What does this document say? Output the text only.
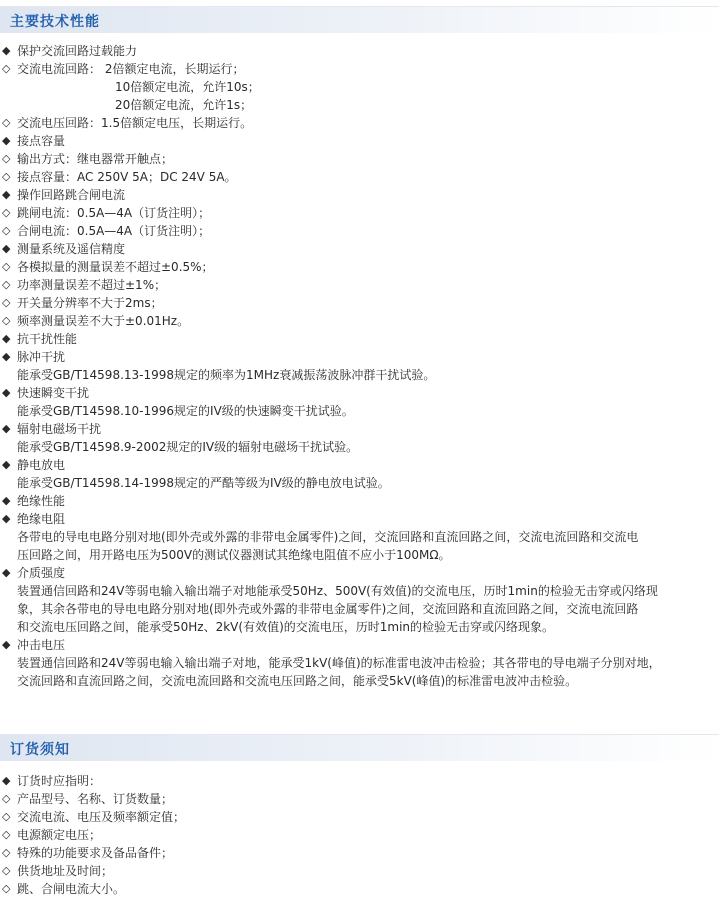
主要技术性能
◆ 保护交流回路过载能力
◇ 交流电流回路： 2倍额定电流，长期运行；
10倍额定电流，允许10s；
20倍额定电流，允许1s；
◇ 交流电压回路：1.5倍额定电压，长期运行。
◆ 接点容量
◇ 输出方式：继电器常开触点；
◇ 接点容量：AC 250V 5A；DC 24V 5A。
◆ 操作回路跳合闸电流
◇ 跳闸电流：0.5A—4A（订货注明）；
◇ 合闸电流：0.5A—4A（订货注明）；
◆ 测量系统及遥信精度
◇ 各模拟量的测量误差不超过±0.5%；
◇ 功率测量误差不超过±1%；
◇ 开关量分辨率不大于2ms；
◇ 频率测量误差不大于±0.01Hz。
◆ 抗干扰性能
◆ 脉冲干扰
能承受GB/T14598.13-1998规定的频率为1MHz衰减振荡波脉冲群干扰试验。
◆ 快速瞬变干扰
能承受GB/T14598.10-1996规定的IV级的快速瞬变干扰试验。
◆ 辐射电磁场干扰
能承受GB/T14598.9-2002规定的IV级的辐射电磁场干扰试验。
◆ 静电放电
能承受GB/T14598.14-1998规定的严酷等级为IV级的静电放电试验。
◆ 绝缘性能
◆ 绝缘电阻
各带电的导电电路分别对地(即外壳或外露的非带电金属零件)之间，交流回路和直流回路之间，交流电流回路和交流电
压回路之间，用开路电压为500V的测试仪器测试其绝缘电阻值不应小于100MΩ。
◆ 介质强度
装置通信回路和24V等弱电输入输出端子对地能承受50Hz、500V(有效值)的交流电压，历时1min的检验无击穿或闪络现
象，其余各带电的导电电路分别对地(即外壳或外露的非带电金属零件)之间，交流回路和直流回路之间，交流电流回路
和交流电压回路之间，能承受50Hz、2kV(有效值)的交流电压，历时1min的检验无击穿或闪络现象。
◆ 冲击电压
装置通信回路和24V等弱电输入输出端子对地，能承受1kV(峰值)的标准雷电波冲击检验；其各带电的导电端子分别对地，
交流回路和直流回路之间，交流电流回路和交流电压回路之间，能承受5kV(峰值)的标准雷电波冲击检验。
订货须知
◆ 订货时应指明：
◇ 产品型号、名称、订货数量；
◇ 交流电流、电压及频率额定值；
◇ 电源额定电压；
◇ 特殊的功能要求及备品备件；
◇ 供货地址及时间；
◇ 跳、合闸电流大小。
